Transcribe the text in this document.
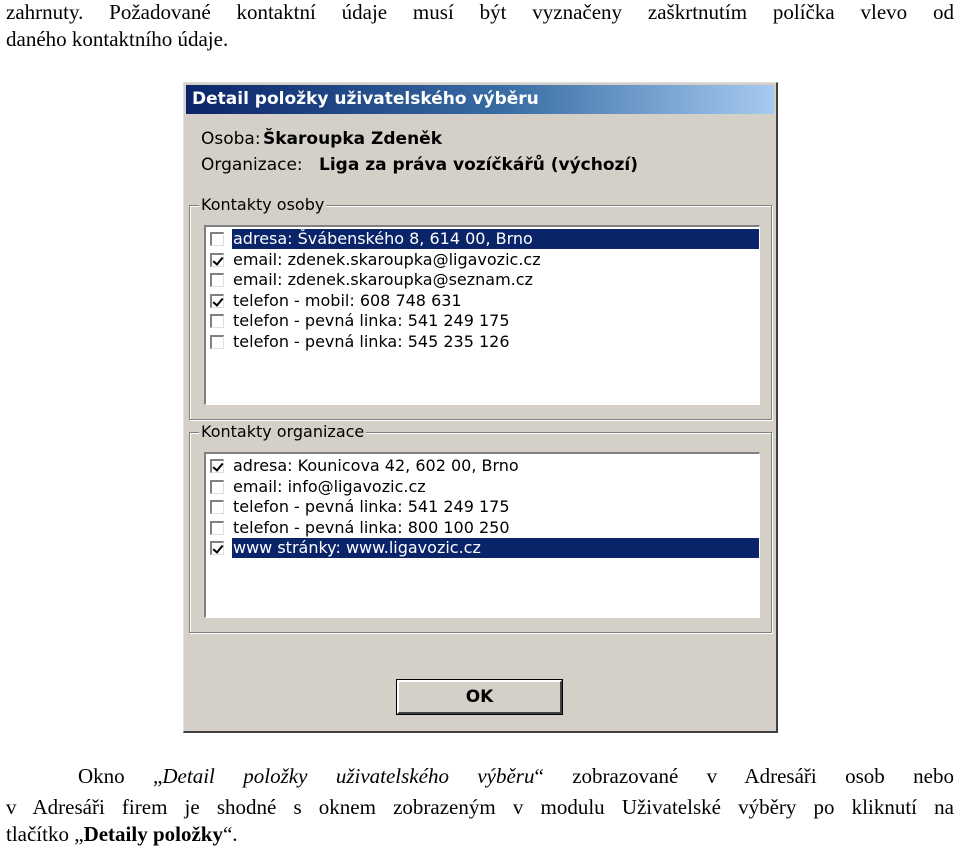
zahrnuty. Požadované kontaktní údaje musí být vyznačeny zaškrtnutím políčka vlevo od
daného kontaktního údaje.
Detail položky uživatelského výběru
Osoba: Škaroupka Zdeněk
Organizace: Liga za práva vozíčkářů (výchozí)
Kontakty osoby
adresa: Švábenského 8, 614 00, Brno
email: zdenek.skaroupka@ligavozic.cz
email: zdenek.skaroupka@seznam.cz
telefon - mobil: 608 748 631
telefon - pevná linka: 541 249 175
telefon - pevná linka: 545 235 126
Kontakty organizace
adresa: Kounicova 42, 602 00, Brno
email: info@ligavozic.cz
telefon - pevná linka: 541 249 175
telefon - pevná linka: 800 100 250
www stránky: www.ligavozic.cz
OK
Okno „Detail položky uživatelského výběru“ zobrazované v Adresáři osob nebo
v Adresáři firem je shodné s oknem zobrazeným v modulu Uživatelské výběry po kliknutí na
tlačítko „Detaily položky“.
